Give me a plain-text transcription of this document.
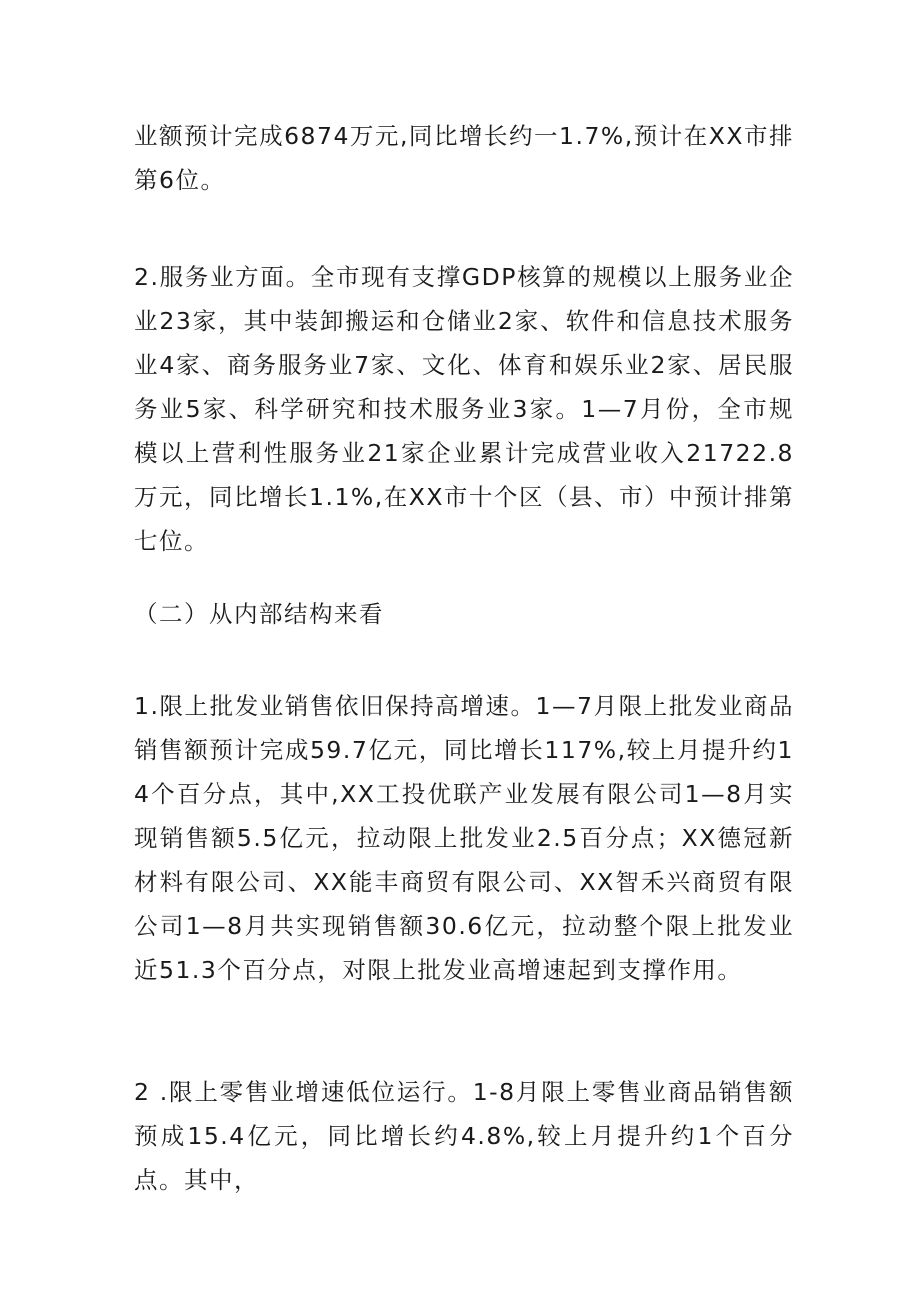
业额预计完成6874万元,同比增长约一1.7%,预计在XX市排第6位。

2.服务业方面。全市现有支撑GDP核算的规模以上服务业企业23家，其中装卸搬运和仓储业2家、软件和信息技术服务业4家、商务服务业7家、文化、体育和娱乐业2家、居民服务业5家、科学研究和技术服务业3家。1—7月份，全市规模以上营利性服务业21家企业累计完成营业收入21722.8万元，同比增长1.1%,在XX市十个区（县、市）中预计排第七位。

（二）从内部结构来看

1.限上批发业销售依旧保持高增速。1—7月限上批发业商品销售额预计完成59.7亿元，同比增长117%,较上月提升约14个百分点，其中,XX工投优联产业发展有限公司1—8月实现销售额5.5亿元，拉动限上批发业2.5百分点；XX德冠新材料有限公司、XX能丰商贸有限公司、XX智禾兴商贸有限公司1—8月共实现销售额30.6亿元，拉动整个限上批发业近51.3个百分点，对限上批发业高增速起到支撑作用。

2 .限上零售业增速低位运行。1-8月限上零售业商品销售额预成15.4亿元，同比增长约4.8%,较上月提升约1个百分点。其中，
